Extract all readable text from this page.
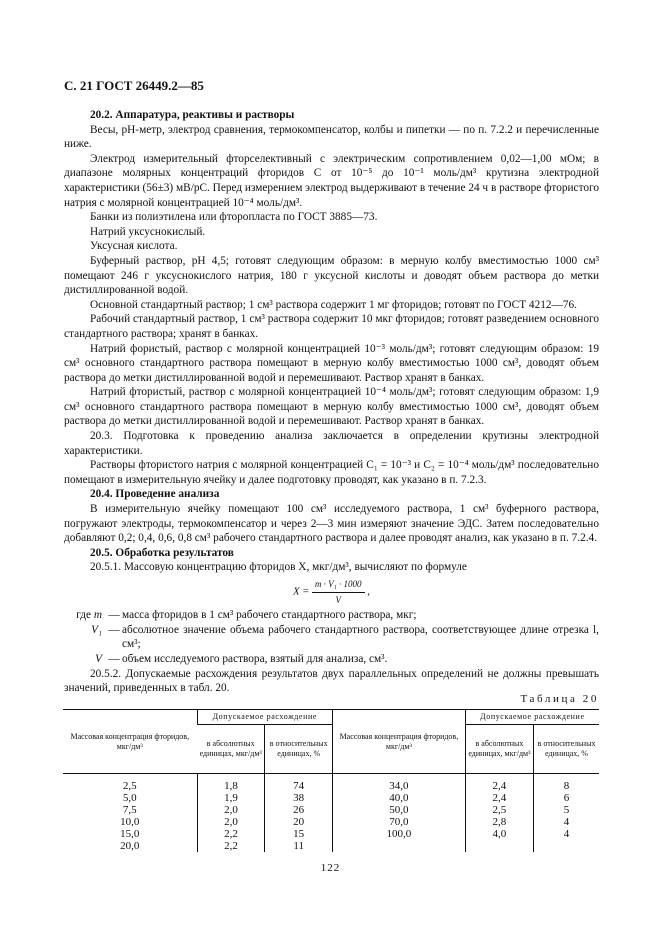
С. 21 ГОСТ 26449.2—85

20.2. Аппаратура, реактивы и растворы

Весы, рН-метр, электрод сравнения, термокомпенсатор, колбы и пипетки — по п. 7.2.2 и перечисленные ниже.

Электрод измерительный фторселективный с электрическим сопротивлением 0,02—1,00 мОм; в диапазоне молярных концентраций фторидов C от 10⁻⁵ до 10⁻¹ моль/дм³ крутизна электродной характеристики (56±3) мВ/pC. Перед измерением электрод выдерживают в течение 24 ч в растворе фтористого натрия с молярной концентрацией 10⁻⁴ моль/дм³.

Банки из полиэтилена или фторопласта по ГОСТ 3885—73.

Натрий уксуснокислый.

Уксусная кислота.

Буферный раствор, рН 4,5; готовят следующим образом: в мерную колбу вместимостью 1000 см³ помещают 246 г уксуснокислого натрия, 180 г уксусной кислоты и доводят объем раствора до метки дистиллированной водой.

Основной стандартный раствор; 1 см³ раствора содержит 1 мг фторидов; готовят по ГОСТ 4212—76.

Рабочий стандартный раствор, 1 см³ раствора содержит 10 мкг фторидов; готовят разведением основного стандартного раствора; хранят в банках.

Натрий фористый, раствор с молярной концентрацией 10⁻³ моль/дм³; готовят следующим образом: 19 см³ основного стандартного раствора помещают в мерную колбу вместимостью 1000 см³, доводят объем раствора до метки дистиллированной водой и перемешивают. Раствор хранят в банках.

Натрий фтористый, раствор с молярной концентрацией 10⁻⁴ моль/дм³; готовят следующим образом: 1,9 см³ основного стандартного раствора помещают в мерную колбу вместимостью 1000 см³, доводят объем раствора до метки дистиллированной водой и перемешивают. Раствор хранят в банках.

20.3. Подготовка к проведению анализа заключается в определении крутизны электродной характеристики.

Растворы фтористого натрия с молярной концентрацией C₁ = 10⁻³ и C₂ = 10⁻⁴ моль/дм³ последовательно помещают в измерительную ячейку и далее подготовку проводят, как указано в п. 7.2.3.

20.4. Проведение анализа

В измерительную ячейку помещают 100 см³ исследуемого раствора, 1 см³ буферного раствора, погружают электроды, термокомпенсатор и через 2—3 мин измеряют значение ЭДС. Затем последовательно добавляют 0,2; 0,4, 0,6, 0,8 см³ рабочего стандартного раствора и далее проводят анализ, как указано в п. 7.2.4.

20.5. Обработка результатов

20.5.1. Массовую концентрацию фторидов X, мкг/дм³, вычисляют по формуле

$X = \frac{\text{m · V₁ · 1000}}{V}$ ,
где m — масса фторидов в 1 см³ рабочего стандартного раствора, мкг;
V₁ — абсолютное значение объема рабочего стандартного раствора, соответствующее длине отрезка l, см³;
V — объем исследуемого раствора, взятый для анализа, см³.

20.5.2. Допускаемые расхождения результатов двух параллельных определений не должны превышать значений, приведенных в табл. 20.

Таблица 20
Массовая концентрация фторидов, мкг/дм³	Допускаемое расхождение		Массовая концентрация фторидов, мкг/дм³	Допускаемое расхождение	
	в абсолютных единицах, мкг/дм³	в относительных единицах, %		в абсолютных единицах, мкг/дм³	в относительных единицах, %
2,5	1,8	74	34,0	2,4	8
5,0	1,9	38	40,0	2,4	6
7,5	2,0	26	50,0	2,5	5
10,0	2,0	20	70,0	2,8	4
15,0	2,2	15	100,0	4,0	4
20,0	2,2	11			
122
